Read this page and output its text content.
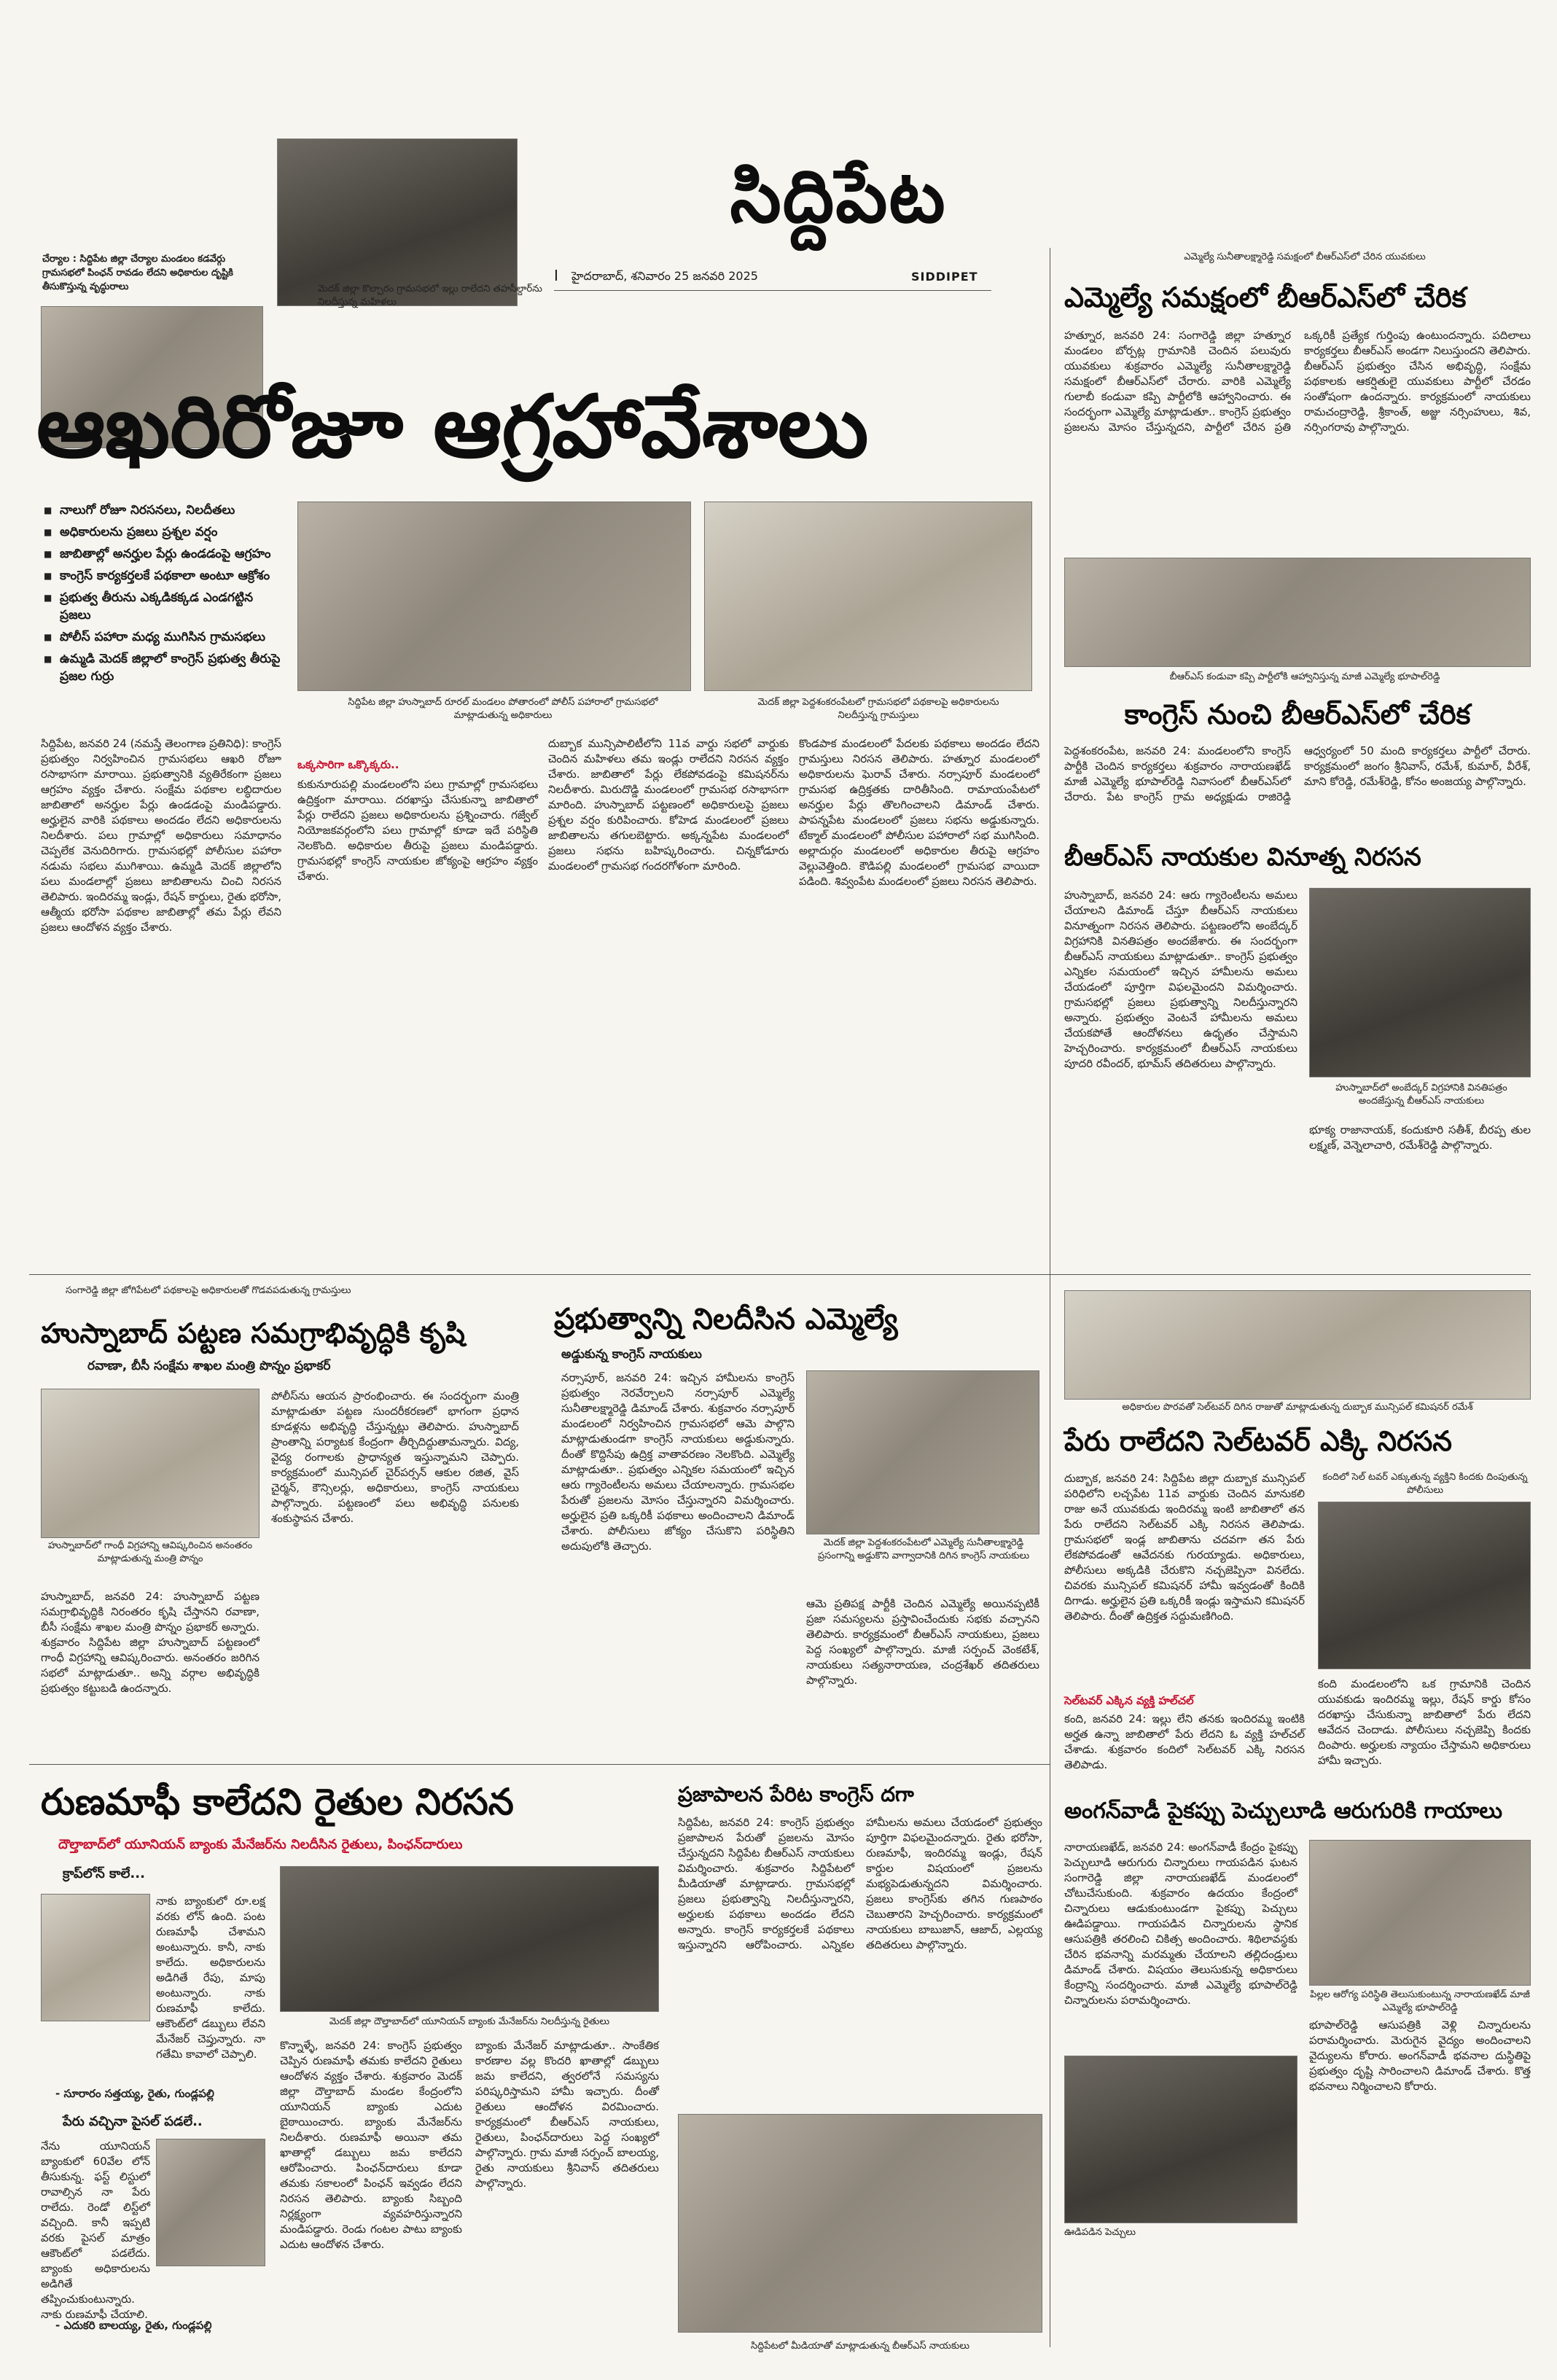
సిద్దిపేట
I హైదరాబాద్, శనివారం 25 జనవరి 2025	SIDDIPET
చేర్యాల : సిద్దిపేట జిల్లా చేర్యాల మండలం కడవేర్గు గ్రామసభలో పింఛన్ రావడం లేదని అధికారుల దృష్టికి తీసుకొస్తున్న వృద్ధురాలు	మెదక్ జిల్లా కొల్చారం గ్రామసభలో ఇల్లు రాలేదని తహసీల్దార్‌ను నిలదీస్తున్న మహిళలు
ఆఖరిరోజూ ఆగ్రహావేశాలు
■ నాలుగో రోజూ నిరసనలు, నిలదీతలు
■ అధికారులను ప్రజలు ప్రశ్నల వర్షం
■ జాబితాల్లో అనర్హుల పేర్లు ఉండడంపై ఆగ్రహం
■ కాంగ్రెస్ కార్యకర్తలకే పథకాలా అంటూ ఆక్రోశం
■ ప్రభుత్వ తీరును ఎక్కడికక్కడ ఎండగట్టిన ప్రజలు
■ పోలీస్ పహారా మధ్య ముగిసిన గ్రామసభలు
■ ఉమ్మడి మెదక్ జిల్లాలో కాంగ్రెస్ ప్రభుత్వ తీరుపై ప్రజల గుర్రు
సిద్దిపేట జిల్లా హుస్నాబాద్ రూరల్ మండలం పోతారంలో పోలీస్ పహారాలో గ్రామసభలో మాట్లాడుతున్న అధికారులు
మెదక్ జిల్లా పెద్దశంకరంపేటలో గ్రామసభలో పథకాలపై అధికారులను నిలదీస్తున్న గ్రామస్తులు
సిద్దిపేట, జనవరి 24 (నమస్తే తెలంగాణ ప్రతినిధి): కాంగ్రెస్ ప్రభుత్వం నిర్వహించిన గ్రామసభలు ఆఖరి రోజూ రసాభాసగా మారాయి. ప్రభుత్వానికి వ్యతిరేకంగా ప్రజలు ఆగ్రహం వ్యక్తం చేశారు. సంక్షేమ పథకాల లబ్ధిదారుల జాబితాలో అనర్హుల పేర్లు ఉండడంపై మండిపడ్డారు. అర్హులైన వారికి పథకాలు అందడం లేదని అధికారులను నిలదీశారు. పలు గ్రామాల్లో అధికారులు సమాధానం చెప్పలేక వెనుదిరిగారు. గ్రామసభల్లో పోలీసుల పహారా నడుమ సభలు ముగిశాయి. ఉమ్మడి మెదక్ జిల్లాలోని పలు మండలాల్లో ప్రజలు జాబితాలను చించి నిరసన తెలిపారు. ఇందిరమ్మ ఇండ్లు, రేషన్ కార్డులు, రైతు భరోసా, ఆత్మీయ భరోసా పథకాల జాబితాల్లో తమ పేర్లు లేవని ప్రజలు ఆందోళన వ్యక్తం చేశారు.
ఒక్కసారిగా ఒక్కొక్కరు..
కుకునూరుపల్లి మండలంలోని పలు గ్రామాల్లో గ్రామసభలు ఉద్రిక్తంగా మారాయి. దరఖాస్తు చేసుకున్నా జాబితాలో పేర్లు రాలేదని ప్రజలు అధికారులను ప్రశ్నించారు. గజ్వేల్ నియోజకవర్గంలోని పలు గ్రామాల్లో కూడా ఇదే పరిస్థితి నెలకొంది. అధికారుల తీరుపై ప్రజలు మండిపడ్డారు. గ్రామసభల్లో కాంగ్రెస్ నాయకుల జోక్యంపై ఆగ్రహం వ్యక్తం చేశారు.
దుబ్బాక మున్సిపాలిటీలోని 11వ వార్డు సభలో వార్డుకు చెందిన మహిళలు తమ ఇండ్లు రాలేదని నిరసన వ్యక్తం చేశారు. జాబితాలో పేర్లు లేకపోవడంపై కమిషనర్‌ను నిలదీశారు. మిరుదొడ్డి మండలంలో గ్రామసభ రసాభాసగా మారింది. హుస్నాబాద్ పట్టణంలో అధికారులపై ప్రజలు ప్రశ్నల వర్షం కురిపించారు. కోహెడ మండలంలో ప్రజలు జాబితాలను తగులబెట్టారు. అక్కన్నపేట మండలంలో ప్రజలు సభను బహిష్కరించారు. చిన్నకోడూరు మండలంలో గ్రామసభ గందరగోళంగా మారింది.
కొండపాక మండలంలో పేదలకు పథకాలు అందడం లేదని గ్రామస్తులు నిరసన తెలిపారు. హత్నూర మండలంలో అధికారులను ఘెరావ్ చేశారు. నర్సాపూర్ మండలంలో గ్రామసభ ఉద్రిక్తతకు దారితీసింది. రామాయంపేటలో అనర్హుల పేర్లు తొలగించాలని డిమాండ్ చేశారు. పాపన్నపేట మండలంలో ప్రజలు సభను అడ్డుకున్నారు. టేక్మాల్ మండలంలో పోలీసుల పహారాలో సభ ముగిసింది. అల్లాదుర్గం మండలంలో అధికారుల తీరుపై ఆగ్రహం వెల్లువెత్తింది. కౌడిపల్లి మండలంలో గ్రామసభ వాయిదా పడింది. శివ్వంపేట మండలంలో ప్రజలు నిరసన తెలిపారు.
ఎమ్మెల్యే సునీతాలక్ష్మారెడ్డి సమక్షంలో బీఆర్‌ఎస్‌లో చేరిన యువకులు
ఎమ్మెల్యే సమక్షంలో బీఆర్‌ఎస్‌లో చేరిక
హత్నూర, జనవరి 24: సంగారెడ్డి జిల్లా హత్నూర మండలం బోర్పట్ల గ్రామానికి చెందిన పలువురు యువకులు శుక్రవారం ఎమ్మెల్యే సునీతాలక్ష్మారెడ్డి సమక్షంలో బీఆర్‌ఎస్‌లో చేరారు. వారికి ఎమ్మెల్యే గులాబీ కండువా కప్పి పార్టీలోకి ఆహ్వానించారు. ఈ సందర్భంగా ఎమ్మెల్యే మాట్లాడుతూ.. కాంగ్రెస్ ప్రభుత్వం ప్రజలను మోసం చేస్తున్నదని, పార్టీలో చేరిన ప్రతి ఒక్కరికీ ప్రత్యేక గుర్తింపు ఉంటుందన్నారు. పదిలాలు కార్యకర్తలు బీఆర్‌ఎస్ అండగా నిలుస్తుందని తెలిపారు. బీఆర్‌ఎస్ ప్రభుత్వం చేసిన అభివృద్ధి, సంక్షేమ పథకాలకు ఆకర్షితులై యువకులు పార్టీలో చేరడం సంతోషంగా ఉందన్నారు. కార్యక్రమంలో నాయకులు రామచంద్రారెడ్డి, శ్రీకాంత్, అజ్జు నర్సింహులు, శివ, నర్సింగరావు పాల్గొన్నారు.
బీఆర్‌ఎస్ కండువా కప్పి పార్టీలోకి ఆహ్వానిస్తున్న మాజీ ఎమ్మెల్యే భూపాల్‌రెడ్డి
కాంగ్రెస్ నుంచి బీఆర్‌ఎస్‌లో చేరిక
పెద్దశంకరంపేట, జనవరి 24: మండలంలోని కాంగ్రెస్ పార్టీకి చెందిన కార్యకర్తలు శుక్రవారం నారాయణఖేడ్ మాజీ ఎమ్మెల్యే భూపాల్‌రెడ్డి నివాసంలో బీఆర్‌ఎస్‌లో చేరారు. పేట కాంగ్రెస్ గ్రామ అధ్యక్షుడు రాజిరెడ్డి ఆధ్వర్యంలో 50 మంది కార్యకర్తలు పార్టీలో చేరారు. కార్యక్రమంలో జంగం శ్రీనివాస్, రమేశ్, కుమార్, వీరేశ్, మాని కోరెడ్డి, రమేశ్‌రెడ్డి, కోనం అంజయ్య పాల్గొన్నారు.
బీఆర్‌ఎస్ నాయకుల వినూత్న నిరసన
హుస్నాబాద్, జనవరి 24: ఆరు గ్యారెంటీలను అమలు చేయాలని డిమాండ్ చేస్తూ బీఆర్‌ఎస్ నాయకులు వినూత్నంగా నిరసన తెలిపారు. పట్టణంలోని అంబేద్కర్ విగ్రహానికి వినతిపత్రం అందజేశారు. ఈ సందర్భంగా బీఆర్‌ఎస్ నాయకులు మాట్లాడుతూ.. కాంగ్రెస్ ప్రభుత్వం ఎన్నికల సమయంలో ఇచ్చిన హామీలను అమలు చేయడంలో పూర్తిగా విఫలమైందని విమర్శించారు. గ్రామసభల్లో ప్రజలు ప్రభుత్వాన్ని నిలదీస్తున్నారని అన్నారు. ప్రభుత్వం వెంటనే హామీలను అమలు చేయకపోతే ఆందోళనలు ఉధృతం చేస్తామని హెచ్చరించారు. కార్యక్రమంలో బీఆర్‌ఎస్ నాయకులు పూదరి రవీందర్, భూమ్‌స్ తదితరులు పాల్గొన్నారు.
హుస్నాబాద్‌లో అంబేద్కర్ విగ్రహానికి వినతిపత్రం అందజేస్తున్న బీఆర్‌ఎస్ నాయకులు
భూక్య రాజానాయక్, కందుకూరి సతీశ్, బీరప్ప తుల లక్ష్మణ్, వెన్నెలాచారి, రమేశ్‌రెడ్డి పాల్గొన్నారు.
సంగారెడ్డి జిల్లా జోగిపేటలో పథకాలపై అధికారులతో గొడవపడుతున్న గ్రామస్తులు
హుస్నాబాద్ పట్టణ సమగ్రాభివృద్ధికి కృషి
రవాణా, బీసీ సంక్షేమ శాఖల మంత్రి పొన్నం ప్రభాకర్
హుస్నాబాద్‌లో గాంధీ విగ్రహాన్ని ఆవిష్కరించిన అనంతరం మాట్లాడుతున్న మంత్రి పొన్నం
హుస్నాబాద్, జనవరి 24: హుస్నాబాద్ పట్టణ సమగ్రాభివృద్ధికి నిరంతరం కృషి చేస్తానని రవాణా, బీసీ సంక్షేమ శాఖల మంత్రి పొన్నం ప్రభాకర్ అన్నారు. శుక్రవారం సిద్దిపేట జిల్లా హుస్నాబాద్ పట్టణంలో గాంధీ విగ్రహాన్ని ఆవిష్కరించారు. అనంతరం జరిగిన సభలో మాట్లాడుతూ.. అన్ని వర్గాల అభివృద్ధికి ప్రభుత్వం కట్టుబడి ఉందన్నారు.
పోలీస్‌ను ఆయన ప్రారంభించారు. ఈ సందర్భంగా మంత్రి మాట్లాడుతూ పట్టణ సుందరీకరణలో భాగంగా ప్రధాన కూడళ్లను అభివృద్ధి చేస్తున్నట్లు తెలిపారు. హుస్నాబాద్ ప్రాంతాన్ని పర్యాటక కేంద్రంగా తీర్చిదిద్దుతామన్నారు. విద్య, వైద్య రంగాలకు ప్రాధాన్యత ఇస్తున్నామని చెప్పారు. కార్యక్రమంలో మున్సిపల్ చైర్‌పర్సన్ ఆకుల రజిత, వైస్ చైర్మన్, కౌన్సిలర్లు, అధికారులు, కాంగ్రెస్ నాయకులు పాల్గొన్నారు. పట్టణంలో పలు అభివృద్ధి పనులకు శంకుస్థాపన చేశారు.
ప్రభుత్వాన్ని నిలదీసిన ఎమ్మెల్యే
అడ్డుకున్న కాంగ్రెస్ నాయకులు
నర్సాపూర్, జనవరి 24: ఇచ్చిన హామీలను కాంగ్రెస్ ప్రభుత్వం నెరవేర్చాలని నర్సాపూర్ ఎమ్మెల్యే సునీతాలక్ష్మారెడ్డి డిమాండ్ చేశారు. శుక్రవారం నర్సాపూర్ మండలంలో నిర్వహించిన గ్రామసభలో ఆమె పాల్గొని మాట్లాడుతుండగా కాంగ్రెస్ నాయకులు అడ్డుకున్నారు. దీంతో కొద్దిసేపు ఉద్రిక్త వాతావరణం నెలకొంది. ఎమ్మెల్యే మాట్లాడుతూ.. ప్రభుత్వం ఎన్నికల సమయంలో ఇచ్చిన ఆరు గ్యారెంటీలను అమలు చేయాలన్నారు. గ్రామసభల పేరుతో ప్రజలను మోసం చేస్తున్నారని విమర్శించారు. అర్హులైన ప్రతి ఒక్కరికీ పథకాలు అందించాలని డిమాండ్ చేశారు. పోలీసులు జోక్యం చేసుకొని పరిస్థితిని అదుపులోకి తెచ్చారు.	మెదక్ జిల్లా పెద్దశంకరంపేటలో ఎమ్మెల్యే సునీతాలక్ష్మారెడ్డి ప్రసంగాన్ని అడ్డుకొని వాగ్వాదానికి దిగిన కాంగ్రెస్ నాయకులు
ఆమె ప్రతిపక్ష పార్టీకి చెందిన ఎమ్మెల్యే అయినప్పటికీ ప్రజా సమస్యలను ప్రస్తావించేందుకు సభకు వచ్చానని తెలిపారు. కార్యక్రమంలో బీఆర్‌ఎస్ నాయకులు, ప్రజలు పెద్ద సంఖ్యలో పాల్గొన్నారు. మాజీ సర్పంచ్ వెంకటేశ్, నాయకులు సత్యనారాయణ, చంద్రశేఖర్ తదితరులు పాల్గొన్నారు.
అధికారుల పొరవతో సెల్‌టవర్ దిగిన రాజుతో మాట్లాడుతున్న దుబ్బాక మున్సిపల్ కమిషనర్ రమేశ్
పేరు రాలేదని సెల్‌టవర్ ఎక్కి నిరసన
దుబ్బాక, జనవరి 24: సిద్దిపేట జిల్లా దుబ్బాక మున్సిపల్ పరిధిలోని లచ్చపేట 11వ వార్డుకు చెందిన మానుకలి రాజు అనే యువకుడు ఇందిరమ్మ ఇంటి జాబితాలో తన పేరు రాలేదని సెల్‌టవర్ ఎక్కి నిరసన తెలిపాడు. గ్రామసభలో ఇండ్ల జాబితాను చదవగా తన పేరు లేకపోవడంతో ఆవేదనకు గురయ్యాడు. అధికారులు, పోలీసులు అక్కడికి చేరుకొని నచ్చజెప్పినా వినలేదు. చివరకు మున్సిపల్ కమిషనర్ హామీ ఇవ్వడంతో కిందికి దిగాడు. అర్హులైన ప్రతి ఒక్కరికీ ఇండ్లు ఇస్తామని కమిషనర్ తెలిపారు. దీంతో ఉద్రిక్తత సద్దుమణిగింది.
సెల్‌టవర్ ఎక్కిన వ్యక్తి హల్‌చల్
కంది, జనవరి 24: ఇల్లు లేని తనకు ఇందిరమ్మ ఇంటికి అర్హత ఉన్నా జాబితాలో పేరు లేదని ఓ వ్యక్తి హల్‌చల్ చేశాడు. శుక్రవారం కందిలో సెల్‌టవర్ ఎక్కి నిరసన తెలిపాడు.
కందిలో సెల్ టవర్ ఎక్కుతున్న వ్యక్తిని కిందకు దింపుతున్న పోలీసులు
కంది మండలంలోని ఒక గ్రామానికి చెందిన యువకుడు ఇందిరమ్మ ఇల్లు, రేషన్ కార్డు కోసం దరఖాస్తు చేసుకున్నా జాబితాలో పేరు లేదని ఆవేదన చెందాడు. పోలీసులు నచ్చజెప్పి కిందకు దింపారు. అర్హులకు న్యాయం చేస్తామని అధికారులు హామీ ఇచ్చారు.
అంగన్‌వాడీ పైకప్పు పెచ్చులూడి ఆరుగురికి గాయాలు
నారాయణఖేడ్, జనవరి 24: అంగన్‌వాడీ కేంద్రం పైకప్పు పెచ్చులూడి ఆరుగురు చిన్నారులు గాయపడిన ఘటన సంగారెడ్డి జిల్లా నారాయణఖేడ్ మండలంలో చోటుచేసుకుంది. శుక్రవారం ఉదయం కేంద్రంలో చిన్నారులు ఆడుకుంటుండగా పైకప్పు పెచ్చులు ఊడిపడ్డాయి. గాయపడిన చిన్నారులను స్థానిక ఆసుపత్రికి తరలించి చికిత్స అందించారు. శిథిలావస్థకు చేరిన భవనాన్ని మరమ్మతు చేయాలని తల్లిదండ్రులు డిమాండ్ చేశారు. విషయం తెలుసుకున్న అధికారులు కేంద్రాన్ని సందర్శించారు. మాజీ ఎమ్మెల్యే భూపాల్‌రెడ్డి చిన్నారులను పరామర్శించారు.
ఊడిపడిన పెచ్చులు
పిల్లల ఆరోగ్య పరిస్థితి తెలుసుకుంటున్న నారాయణఖేడ్ మాజీ ఎమ్మెల్యే భూపాల్‌రెడ్డి
భూపాల్‌రెడ్డి ఆసుపత్రికి వెళ్లి చిన్నారులను పరామర్శించారు. మెరుగైన వైద్యం అందించాలని వైద్యులను కోరారు. అంగన్‌వాడీ భవనాల దుస్థితిపై ప్రభుత్వం దృష్టి సారించాలని డిమాండ్ చేశారు. కొత్త భవనాలు నిర్మించాలని కోరారు.
రుణమాఫీ కాలేదని రైతుల నిరసన
దౌల్తాబాద్‌లో యూనియన్ బ్యాంకు మేనేజర్‌ను నిలదీసిన రైతులు, పింఛన్‌దారులు
క్రాప్‌లోన్ కాలే...
నాకు బ్యాంకులో రూ.లక్ష వరకు లోన్ ఉంది. పంట రుణమాఫీ చేశామని అంటున్నారు. కానీ, నాకు కాలేదు. అధికారులను అడిగితే రేపు, మాపు అంటున్నారు. నాకు రుణమాఫీ కాలేదు. ఆకౌంట్‌లో డబ్బులు లేవని మేనేజర్ చెప్తున్నారు. నా గతేమి కావాలో చెప్పాలి.
- సూరారం సత్తయ్య, రైతు, గుండ్లపల్లి
పేరు వచ్చినా పైసల్ పడలే..
నేను యూనియన్ బ్యాంకులో 60వేల లోన్ తీసుకున్న. ఫస్ట్ లిస్టులో రావాల్సిన నా పేరు రాలేదు. రెండో లిస్ట్‌లో వచ్చింది. కానీ ఇప్పటి వరకు పైసల్ మాత్రం ఆకౌంట్‌లో పడలేదు. బ్యాంకు అధికారులను అడిగితే తప్పించుకుంటున్నారు. నాకు రుణమాఫీ చేయాలి.
- ఎదుకరి బాలయ్య, రైతు, గుండ్లపల్లి
మెదక్ జిల్లా దౌల్తాబాద్‌లో యూనియన్ బ్యాంకు మేనేజర్‌ను నిలదీస్తున్న రైతులు
కొన్నాళ్ళే, జనవరి 24: కాంగ్రెస్ ప్రభుత్వం చెప్పిన రుణమాఫీ తమకు కాలేదని రైతులు ఆందోళన వ్యక్తం చేశారు. శుక్రవారం మెదక్ జిల్లా దౌల్తాబాద్ మండల కేంద్రంలోని యూనియన్ బ్యాంకు ఎదుట బైఠాయించారు. బ్యాంకు మేనేజర్‌ను నిలదీశారు. రుణమాఫీ అయినా తమ ఖాతాల్లో డబ్బులు జమ కాలేదని ఆరోపించారు. పింఛన్‌దారులు కూడా తమకు సకాలంలో పింఛన్ ఇవ్వడం లేదని నిరసన తెలిపారు. బ్యాంకు సిబ్బంది నిర్లక్ష్యంగా వ్యవహరిస్తున్నారని మండిపడ్డారు. రెండు గంటల పాటు బ్యాంకు ఎదుట ఆందోళన చేశారు.
బ్యాంకు మేనేజర్ మాట్లాడుతూ.. సాంకేతిక కారణాల వల్ల కొందరి ఖాతాల్లో డబ్బులు జమ కాలేదని, త్వరలోనే సమస్యను పరిష్కరిస్తామని హామీ ఇచ్చారు. దీంతో రైతులు ఆందోళన విరమించారు. కార్యక్రమంలో బీఆర్‌ఎస్ నాయకులు, రైతులు, పింఛన్‌దారులు పెద్ద సంఖ్యలో పాల్గొన్నారు. గ్రామ మాజీ సర్పంచ్ బాలయ్య, రైతు నాయకులు శ్రీనివాస్ తదితరులు పాల్గొన్నారు.
ప్రజాపాలన పేరిట కాంగ్రెస్ దగా
సిద్దిపేట, జనవరి 24: కాంగ్రెస్ ప్రభుత్వం ప్రజాపాలన పేరుతో ప్రజలను మోసం చేస్తున్నదని సిద్దిపేట బీఆర్‌ఎస్ నాయకులు విమర్శించారు. శుక్రవారం సిద్దిపేటలో మీడియాతో మాట్లాడారు. గ్రామసభల్లో ప్రజలు ప్రభుత్వాన్ని నిలదీస్తున్నారని, అర్హులకు పథకాలు అందడం లేదని అన్నారు. కాంగ్రెస్ కార్యకర్తలకే పథకాలు ఇస్తున్నారని ఆరోపించారు. ఎన్నికల హామీలను అమలు చేయడంలో ప్రభుత్వం పూర్తిగా విఫలమైందన్నారు. రైతు భరోసా, రుణమాఫీ, ఇందిరమ్మ ఇండ్లు, రేషన్ కార్డుల విషయంలో ప్రజలను మభ్యపెడుతున్నదని విమర్శించారు. ప్రజలు కాంగ్రెస్‌కు తగిన గుణపాఠం చెబుతారని హెచ్చరించారు. కార్యక్రమంలో నాయకులు బాబుజాన్, ఆజాద్, ఎల్లయ్య తదితరులు పాల్గొన్నారు.
సిద్దిపేటలో మీడియాతో మాట్లాడుతున్న బీఆర్‌ఎస్ నాయకులు
